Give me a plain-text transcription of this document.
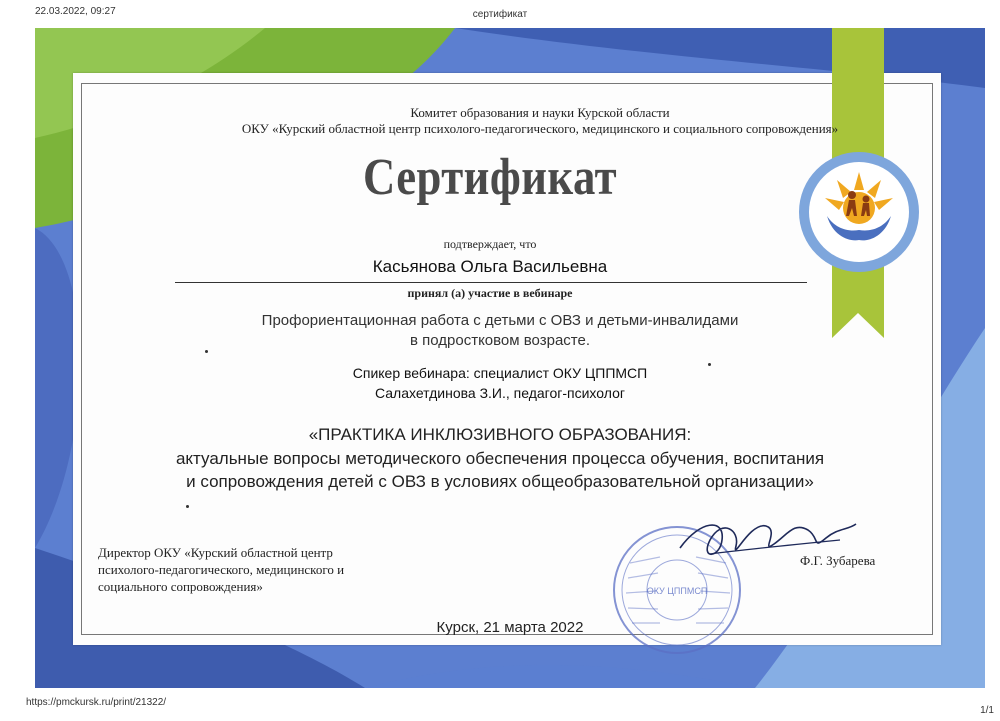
22.03.2022, 09:27	сертификат
Комитет образования и науки Курской области
ОКУ «Курский областной центр психолого-педагогического, медицинского и социального сопровождения»
Сертификат
подтверждает, что
Касьянова Ольга Васильевна
принял (а) участие в вебинаре
Профориентационная работа с детьми с ОВЗ и детьми-инвалидами
в подростковом возрасте.
Спикер вебинара: специалист ОКУ ЦППМСП
Салахетдинова З.И., педагог-психолог
«ПРАКТИКА ИНКЛЮЗИВНОГО ОБРАЗОВАНИЯ:
актуальные вопросы методического обеспечения процесса обучения, воспитания
и сопровождения детей с ОВЗ в условиях общеобразовательной организации»
ОКУ ЦППМСП
Директор ОКУ «Курский областной центр психолого-педагогического, медицинского и социального сопровождения»
Ф.Г. Зубарева
Курск, 21 марта 2022
https://pmckursk.ru/print/21322/
1/1
